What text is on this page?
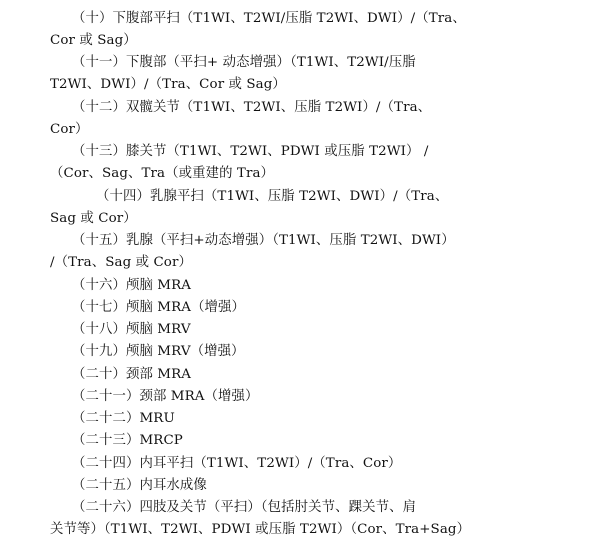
（十）下腹部平扫（T1WI、T2WI/压脂 T2WI、DWI）/（Tra、
Cor 或 Sag）
（十一）下腹部（平扫+ 动态增强）（T1WI、T2WI/压脂
T2WI、DWI）/（Tra、Cor 或 Sag）
（十二）双髋关节（T1WI、T2WI、压脂 T2WI）/（Tra、
Cor）
（十三）膝关节（T1WI、T2WI、PDWI 或压脂 T2WI） /
（Cor、Sag、Tra（或重建的 Tra）
（十四）乳腺平扫（T1WI、压脂 T2WI、DWI）/（Tra、
Sag 或 Cor）
（十五）乳腺（平扫+动态增强）（T1WI、压脂 T2WI、DWI）
/（Tra、Sag 或 Cor）
（十六）颅脑 MRA
（十七）颅脑 MRA（增强）
（十八）颅脑 MRV
（十九）颅脑 MRV（增强）
（二十）颈部 MRA
（二十一）颈部 MRA（增强）
（二十二）MRU
（二十三）MRCP
（二十四）内耳平扫（T1WI、T2WI）/（Tra、Cor）
（二十五）内耳水成像
（二十六）四肢及关节（平扫）（包括肘关节、踝关节、肩
关节等）（T1WI、T2WI、PDWI 或压脂 T2WI）（Cor、Tra+Sag）
